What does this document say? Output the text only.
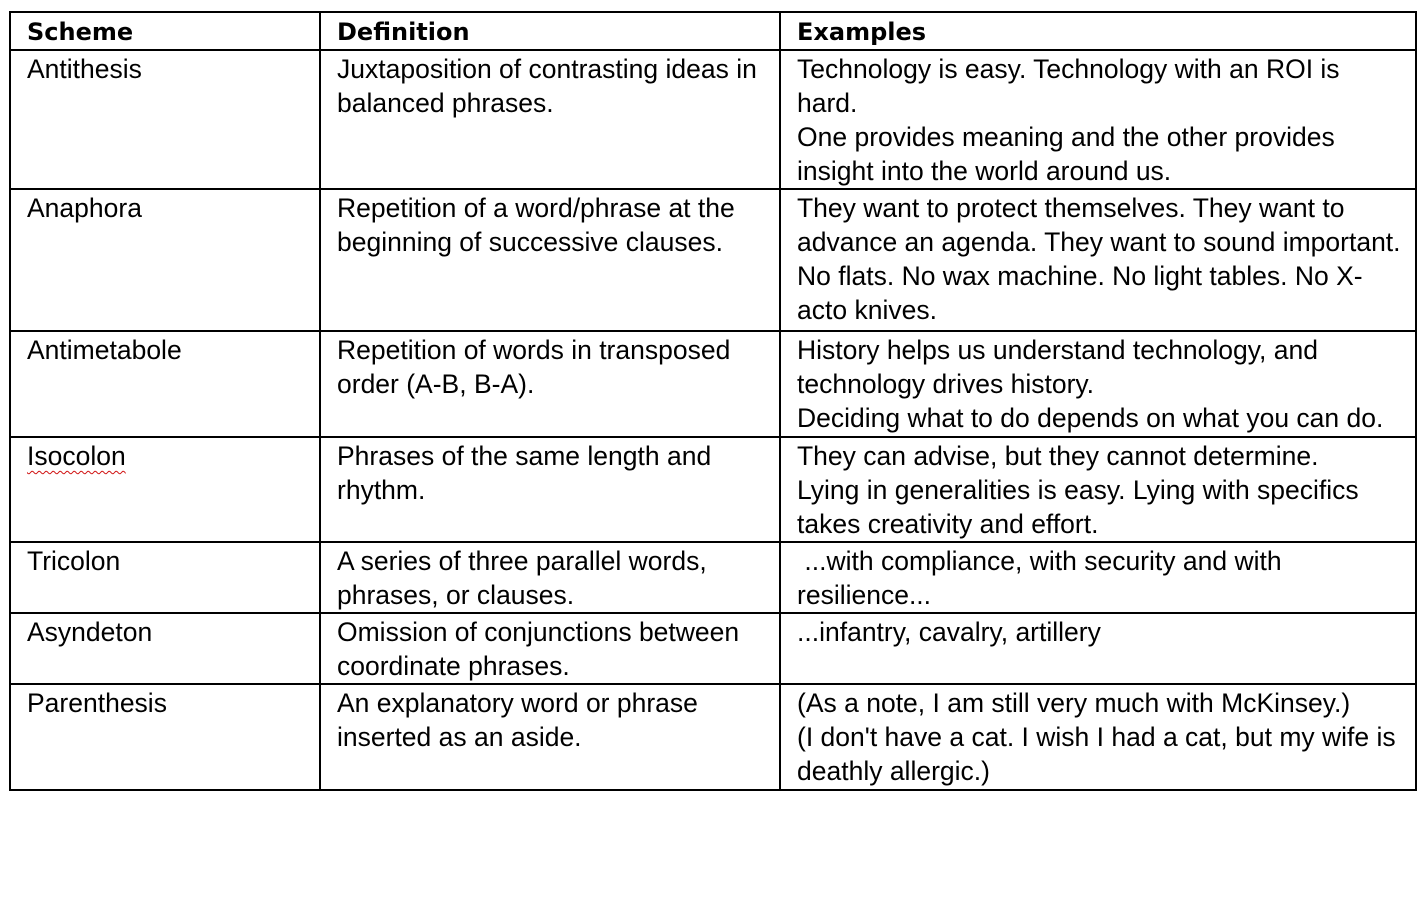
Scheme	Definition	Examples
Antithesis	Juxtaposition of contrasting ideas in balanced phrases.	Technology is easy. Technology with an ROI is hard.
One provides meaning and the other provides insight into the world around us.

Anaphora	Repetition of a word/phrase at the beginning of successive clauses.	They want to protect themselves. They want to advance an agenda. They want to sound important.
No flats. No wax machine. No light tables. No X-acto knives.

Antimetabole	Repetition of words in transposed order (A-B, B-A).	History helps us understand technology, and technology drives history.
Deciding what to do depends on what you can do.

Isocolon	Phrases of the same length and rhythm.	They can advise, but they cannot determine.
Lying in generalities is easy. Lying with specifics takes creativity and effort.

Tricolon	A series of three parallel words, phrases, or clauses.	...with compliance, with security and with resilience...

Asyndeton	Omission of conjunctions between coordinate phrases.	...infantry, cavalry, artillery

Parenthesis	An explanatory word or phrase inserted as an aside.	(As a note, I am still very much with McKinsey.)
(I don't have a cat. I wish I had a cat, but my wife is deathly allergic.)
